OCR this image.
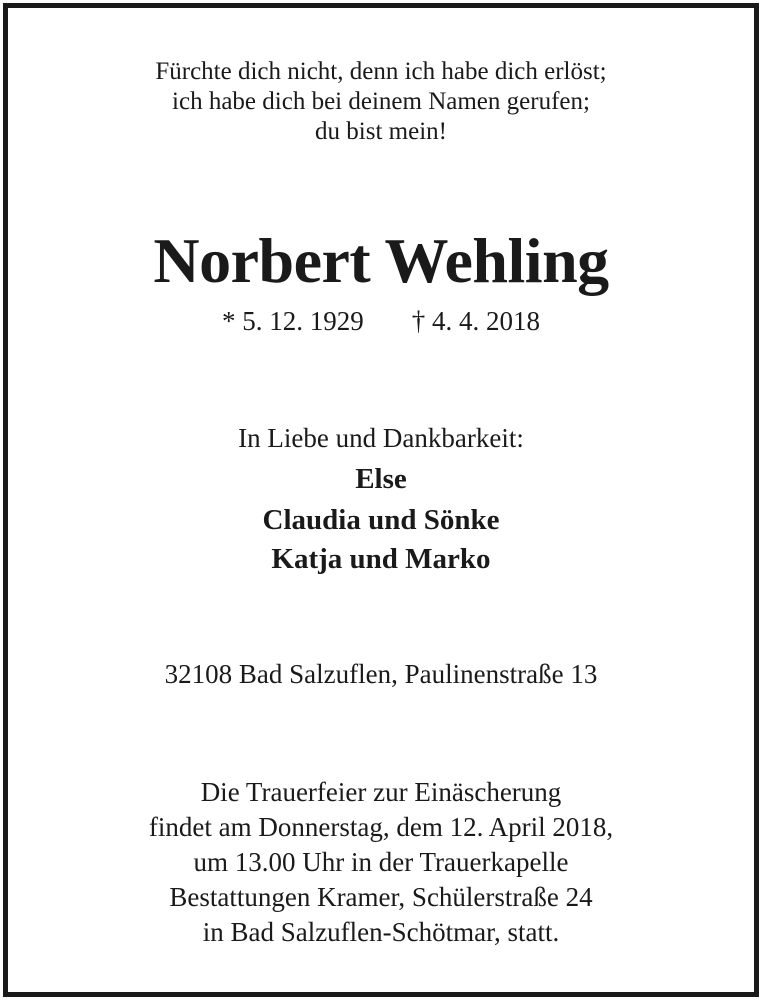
Fürchte dich nicht, denn ich habe dich erlöst;

ich habe dich bei deinem Namen gerufen;

du bist mein!

Norbert Wehling
* 5. 12. 1929 † 4. 4. 2018

In Liebe und Dankbarkeit:

Else

Claudia und Sönke

Katja und Marko

32108 Bad Salzuflen, Paulinenstraße 13

Die Trauerfeier zur Einäscherung

findet am Donnerstag, dem 12. April 2018,

um 13.00 Uhr in der Trauerkapelle

Bestattungen Kramer, Schülerstraße 24

in Bad Salzuflen-Schötmar, statt.
